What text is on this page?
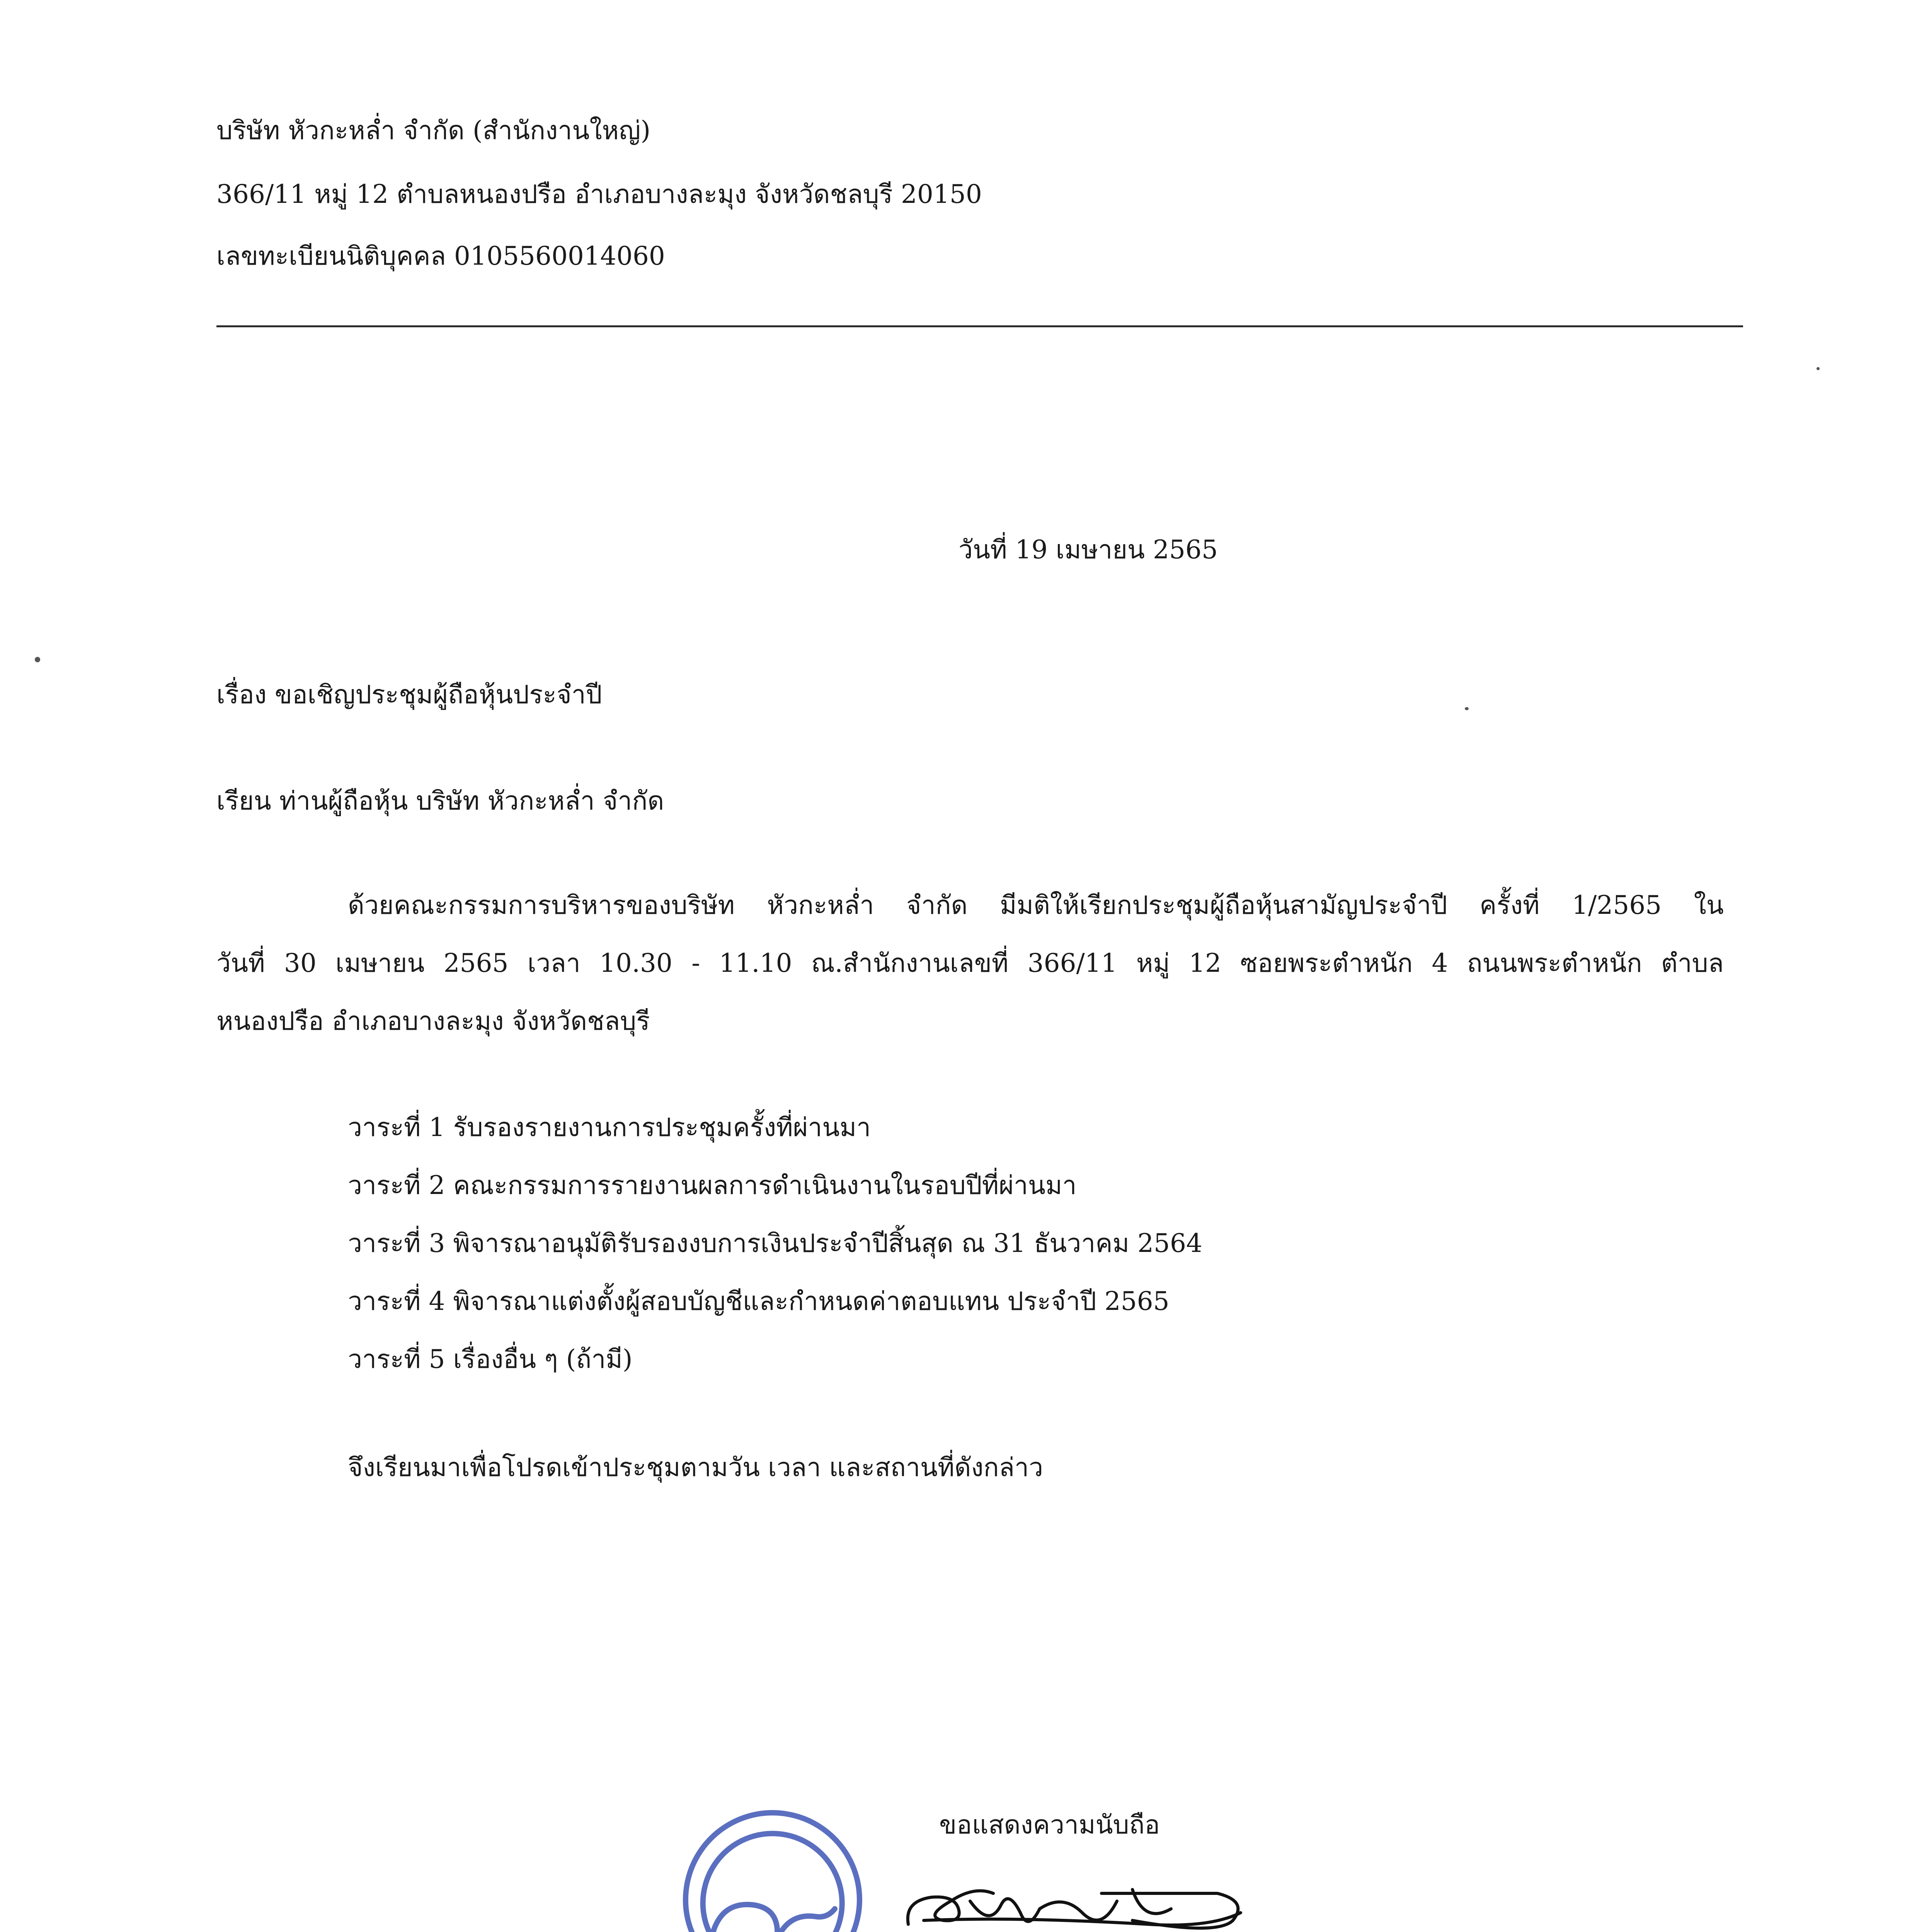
บริษัท หัวกะหล่ำ จำกัด (สำนักงานใหญ่)
366/11 หมู่ 12 ตำบลหนองปรือ อำเภอบางละมุง จังหวัดชลบุรี 20150
เลขทะเบียนนิติบุคคล 0105560014060
วันที่ 19 เมษายน 2565
เรื่อง ขอเชิญประชุมผู้ถือหุ้นประจำปี
เรียน ท่านผู้ถือหุ้น บริษัท หัวกะหล่ำ จำกัด
ด้วยคณะกรรมการบริหารของบริษัท หัวกะหล่ำ จำกัด มีมติให้เรียกประชุมผู้ถือหุ้นสามัญประจำปี ครั้งที่ 1/2565 ใน
วันที่ 30 เมษายน 2565 เวลา 10.30 - 11.10 ณ.สำนักงานเลขที่ 366/11 หมู่ 12 ซอยพระตำหนัก 4 ถนนพระตำหนัก ตำบล
หนองปรือ อำเภอบางละมุง จังหวัดชลบุรี
วาระที่ 1 รับรองรายงานการประชุมครั้งที่ผ่านมา
วาระที่ 2 คณะกรรมการรายงานผลการดำเนินงานในรอบปีที่ผ่านมา
วาระที่ 3 พิจารณาอนุมัติรับรองงบการเงินประจำปีสิ้นสุด ณ 31 ธันวาคม 2564
วาระที่ 4 พิจารณาแต่งตั้งผู้สอบบัญชีและกำหนดค่าตอบแทน ประจำปี 2565
วาระที่ 5 เรื่องอื่น ๆ (ถ้ามี)
จึงเรียนมาเพื่อโปรดเข้าประชุมตามวัน เวลา และสถานที่ดังกล่าว
ขอแสดงความนับถือ
